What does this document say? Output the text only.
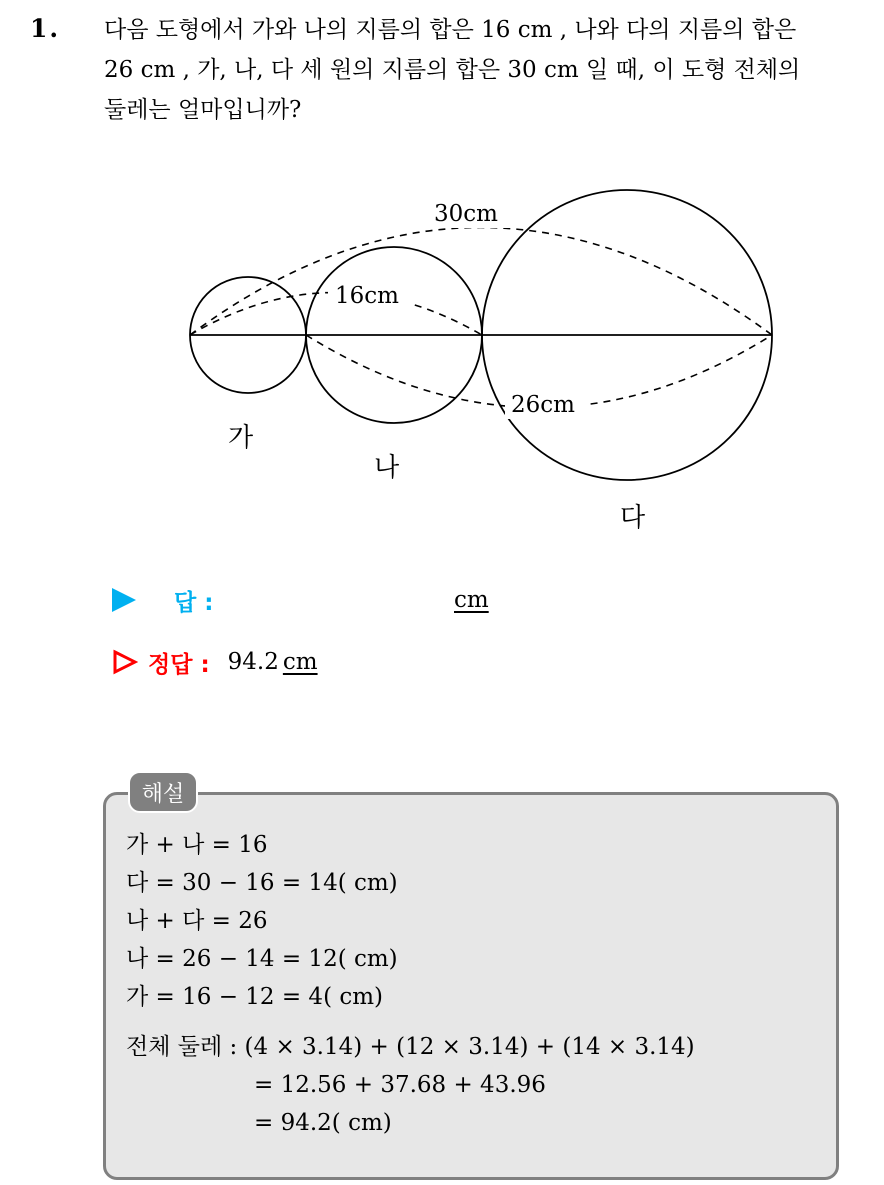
1. 다음 도형에서 가와 나의 지름의 합은 16 cm , 나와 다의 지름의 합은
26 cm , 가, 나, 다 세 원의 지름의 합은 30 cm 일 때, 이 도형 전체의
둘레는 얼마입니까?
30cm
16cm
26cm
가
나
다
답 :	cm
정답 : 94.2 cm
해설
가 + 나 = 16
다 = 30 − 16 = 14( cm)
나 + 다 = 26
나 = 26 − 14 = 12( cm)
가 = 16 − 12 = 4( cm)
전체 둘레 : (4 × 3.14) + (12 × 3.14) + (14 × 3.14)
= 12.56 + 37.68 + 43.96
= 94.2( cm)
